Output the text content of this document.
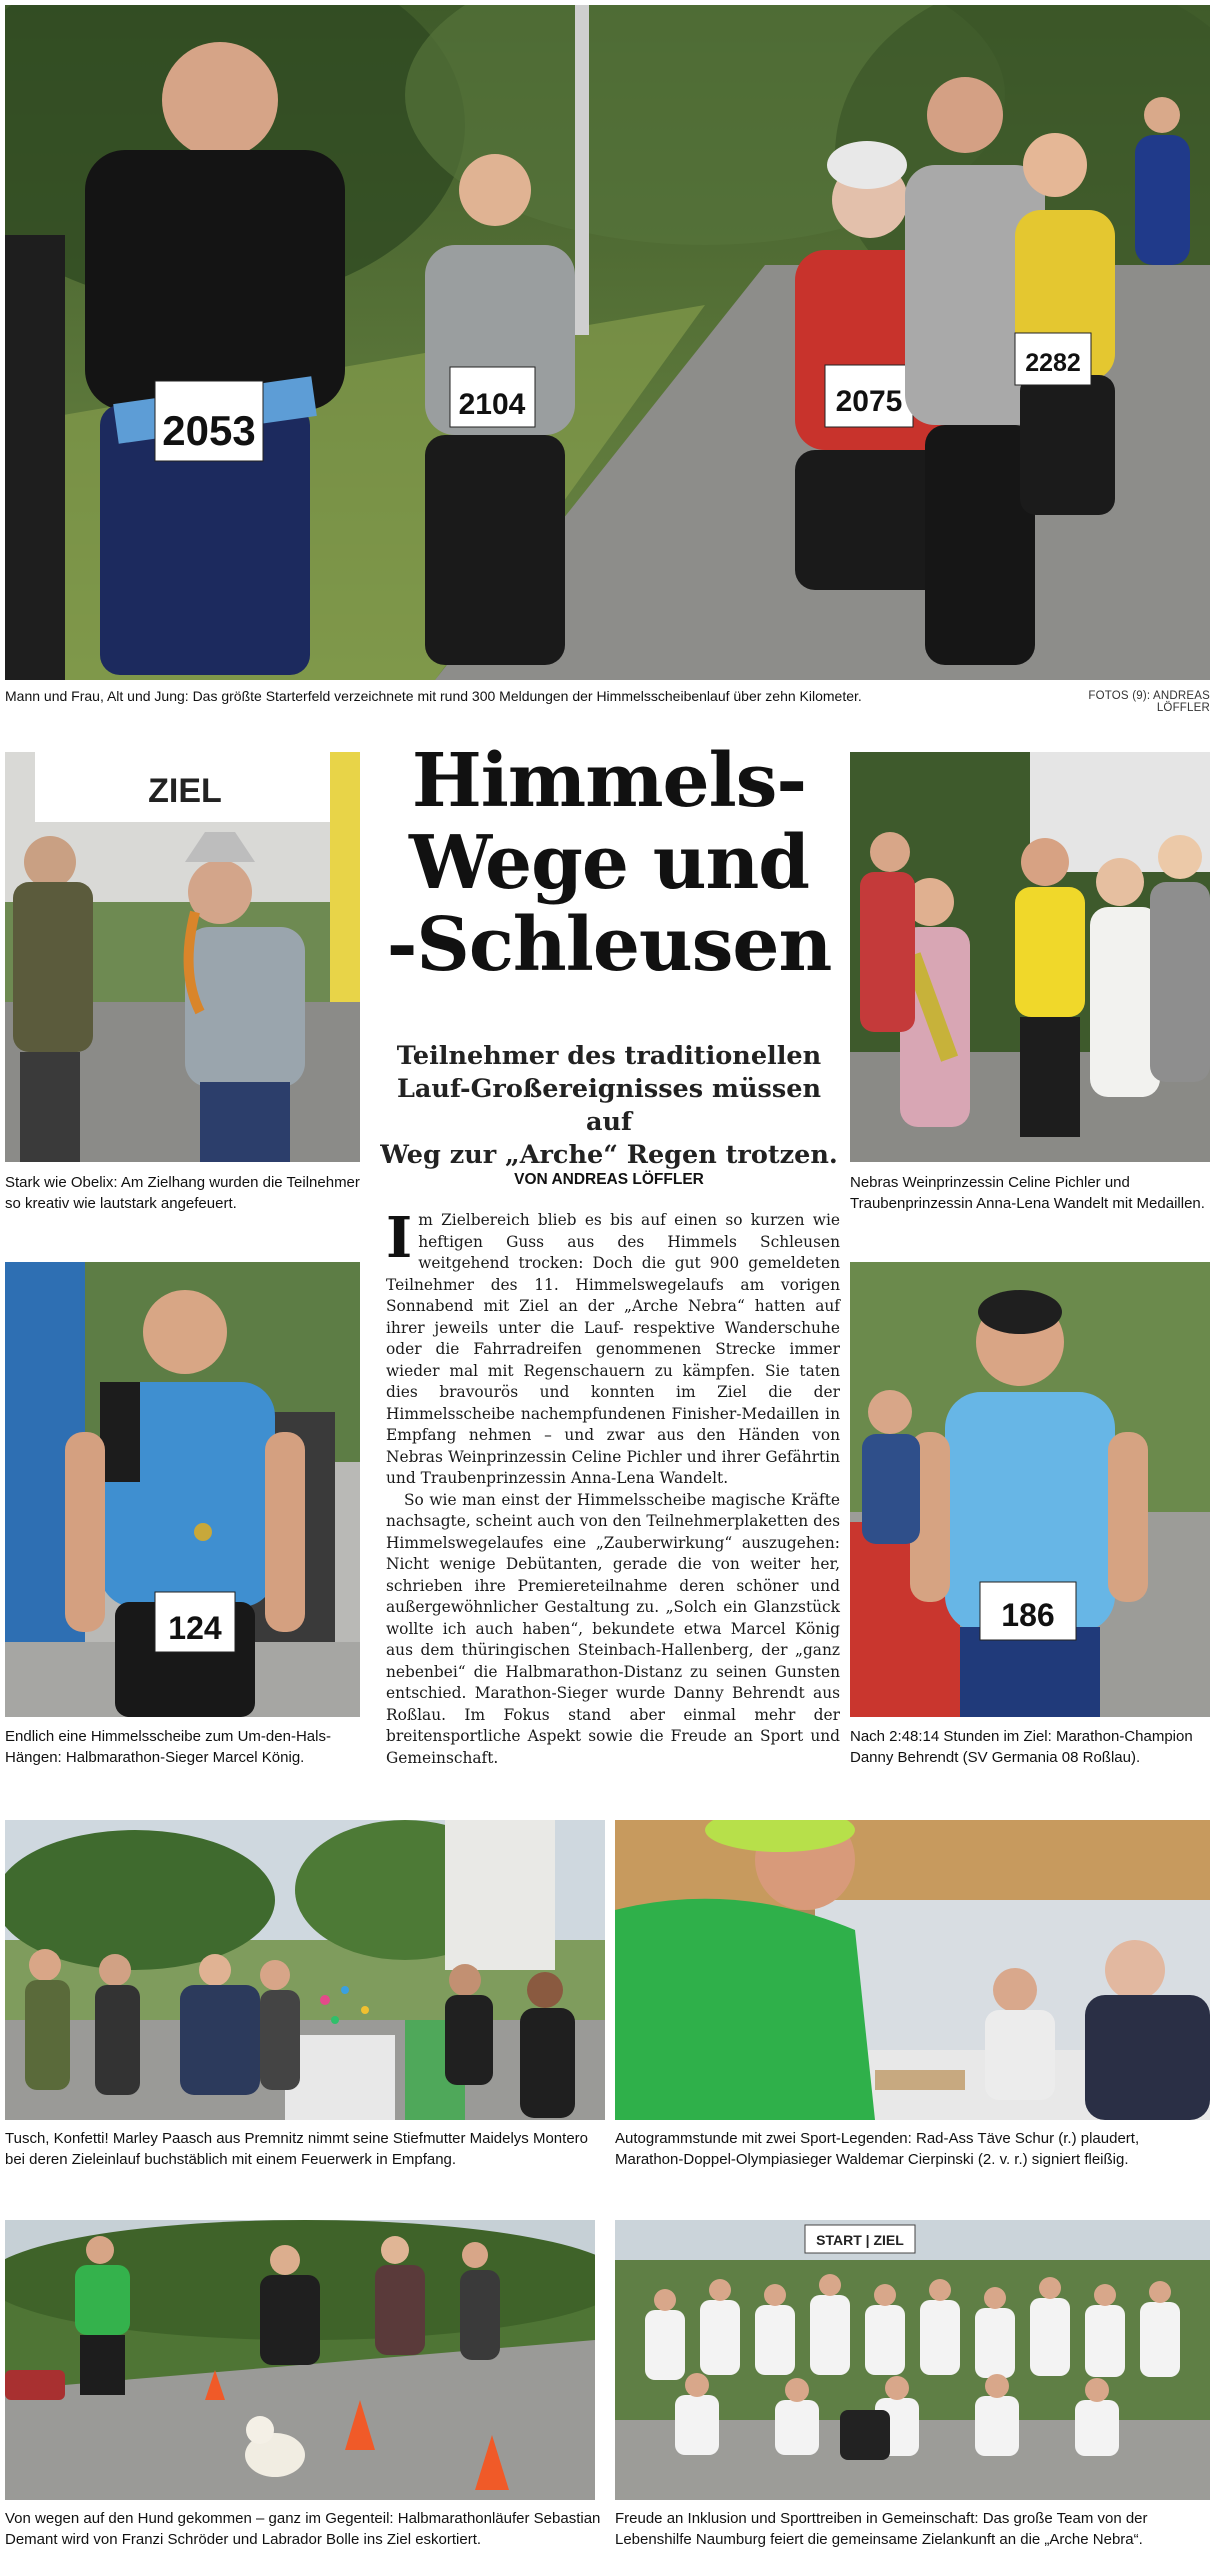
2053
2104	2075
2282

Mann und Frau, Alt und Jung: Das größte Starterfeld verzeichnete mit rund 300 Meldungen der Himmelsscheibenlauf über zehn Kilometer.	FOTOS (9): ANDREAS LÖFFLER
ZIEL

Stark wie Obelix: Am Zielhang wurden die Teilnehmer so kreativ wie lautstark angefeuert.

124

Endlich eine Himmelsscheibe zum Um-den-Hals-Hängen: Halbmarathon-Sieger Marcel König.

Himmels-
Wege und
-Schleusen
Teilnehmer des traditionellen
Lauf-Großereignisses müssen auf
Weg zur „Arche“ Regen trotzen.

VON ANDREAS LÖFFLER

Im Zielbereich blieb es bis auf einen so kurzen wie heftigen Guss aus des Himmels Schleusen weitgehend trocken: Doch die gut 900 gemeldeten Teilnehmer des 11. Himmelswegelaufs am vorigen Sonnabend mit Ziel an der „Arche Nebra“ hatten auf ihrer jeweils unter die Lauf- respektive Wanderschuhe oder die Fahrradreifen genommenen Strecke immer wieder mal mit Regenschauern zu kämpfen. Sie taten dies bravourös und konnten im Ziel die der Himmelsscheibe nachempfundenen Finisher-Medaillen in Empfang nehmen – und zwar aus den Händen von Nebras Weinprinzessin Celine Pichler und ihrer Gefährtin und Traubenprinzessin Anna-Lena Wandelt.

So wie man einst der Himmelsscheibe magische Kräfte nachsagte, scheint auch von den Teilnehmerplaketten des Himmelswegelaufes eine „Zauberwirkung“ auszugehen: Nicht wenige Debütanten, gerade die von weiter her, schrieben ihre Premiereteilnahme deren schöner und außergewöhnlicher Gestaltung zu. „Solch ein Glanzstück wollte ich auch haben“, bekundete etwa Marcel König aus dem thüringischen Steinbach-Hallenberg, der „ganz nebenbei“ die Halbmarathon-Distanz zu seinen Gunsten entschied. Marathon-Sieger wurde Danny Behrendt aus Roßlau. Im Fokus stand aber einmal mehr der breitensportliche Aspekt sowie die Freude an Sport und Gemeinschaft.

Nebras Weinprinzessin Celine Pichler und Traubenprinzessin Anna-Lena Wandelt mit Medaillen.

186

Nach 2:48:14 Stunden im Ziel: Marathon-Champion Danny Behrendt (SV Germania 08 Roßlau).

Tusch, Konfetti! Marley Paasch aus Premnitz nimmt seine Stiefmutter Maidelys Montero bei deren Zieleinlauf buchstäblich mit einem Feuerwerk in Empfang.

Autogrammstunde mit zwei Sport-Legenden: Rad-Ass Täve Schur (r.) plaudert, Marathon-Doppel-Olympiasieger Waldemar Cierpinski (2. v. r.) signiert fleißig.

Von wegen auf den Hund gekommen – ganz im Gegenteil: Halbmarathonläufer Sebastian Demant wird von Franzi Schröder und Labrador Bolle ins Ziel eskortiert.

START | ZIEL

Freude an Inklusion und Sporttreiben in Gemeinschaft: Das große Team von der Lebenshilfe Naumburg feiert die gemeinsame Zielankunft an die „Arche Nebra“.
